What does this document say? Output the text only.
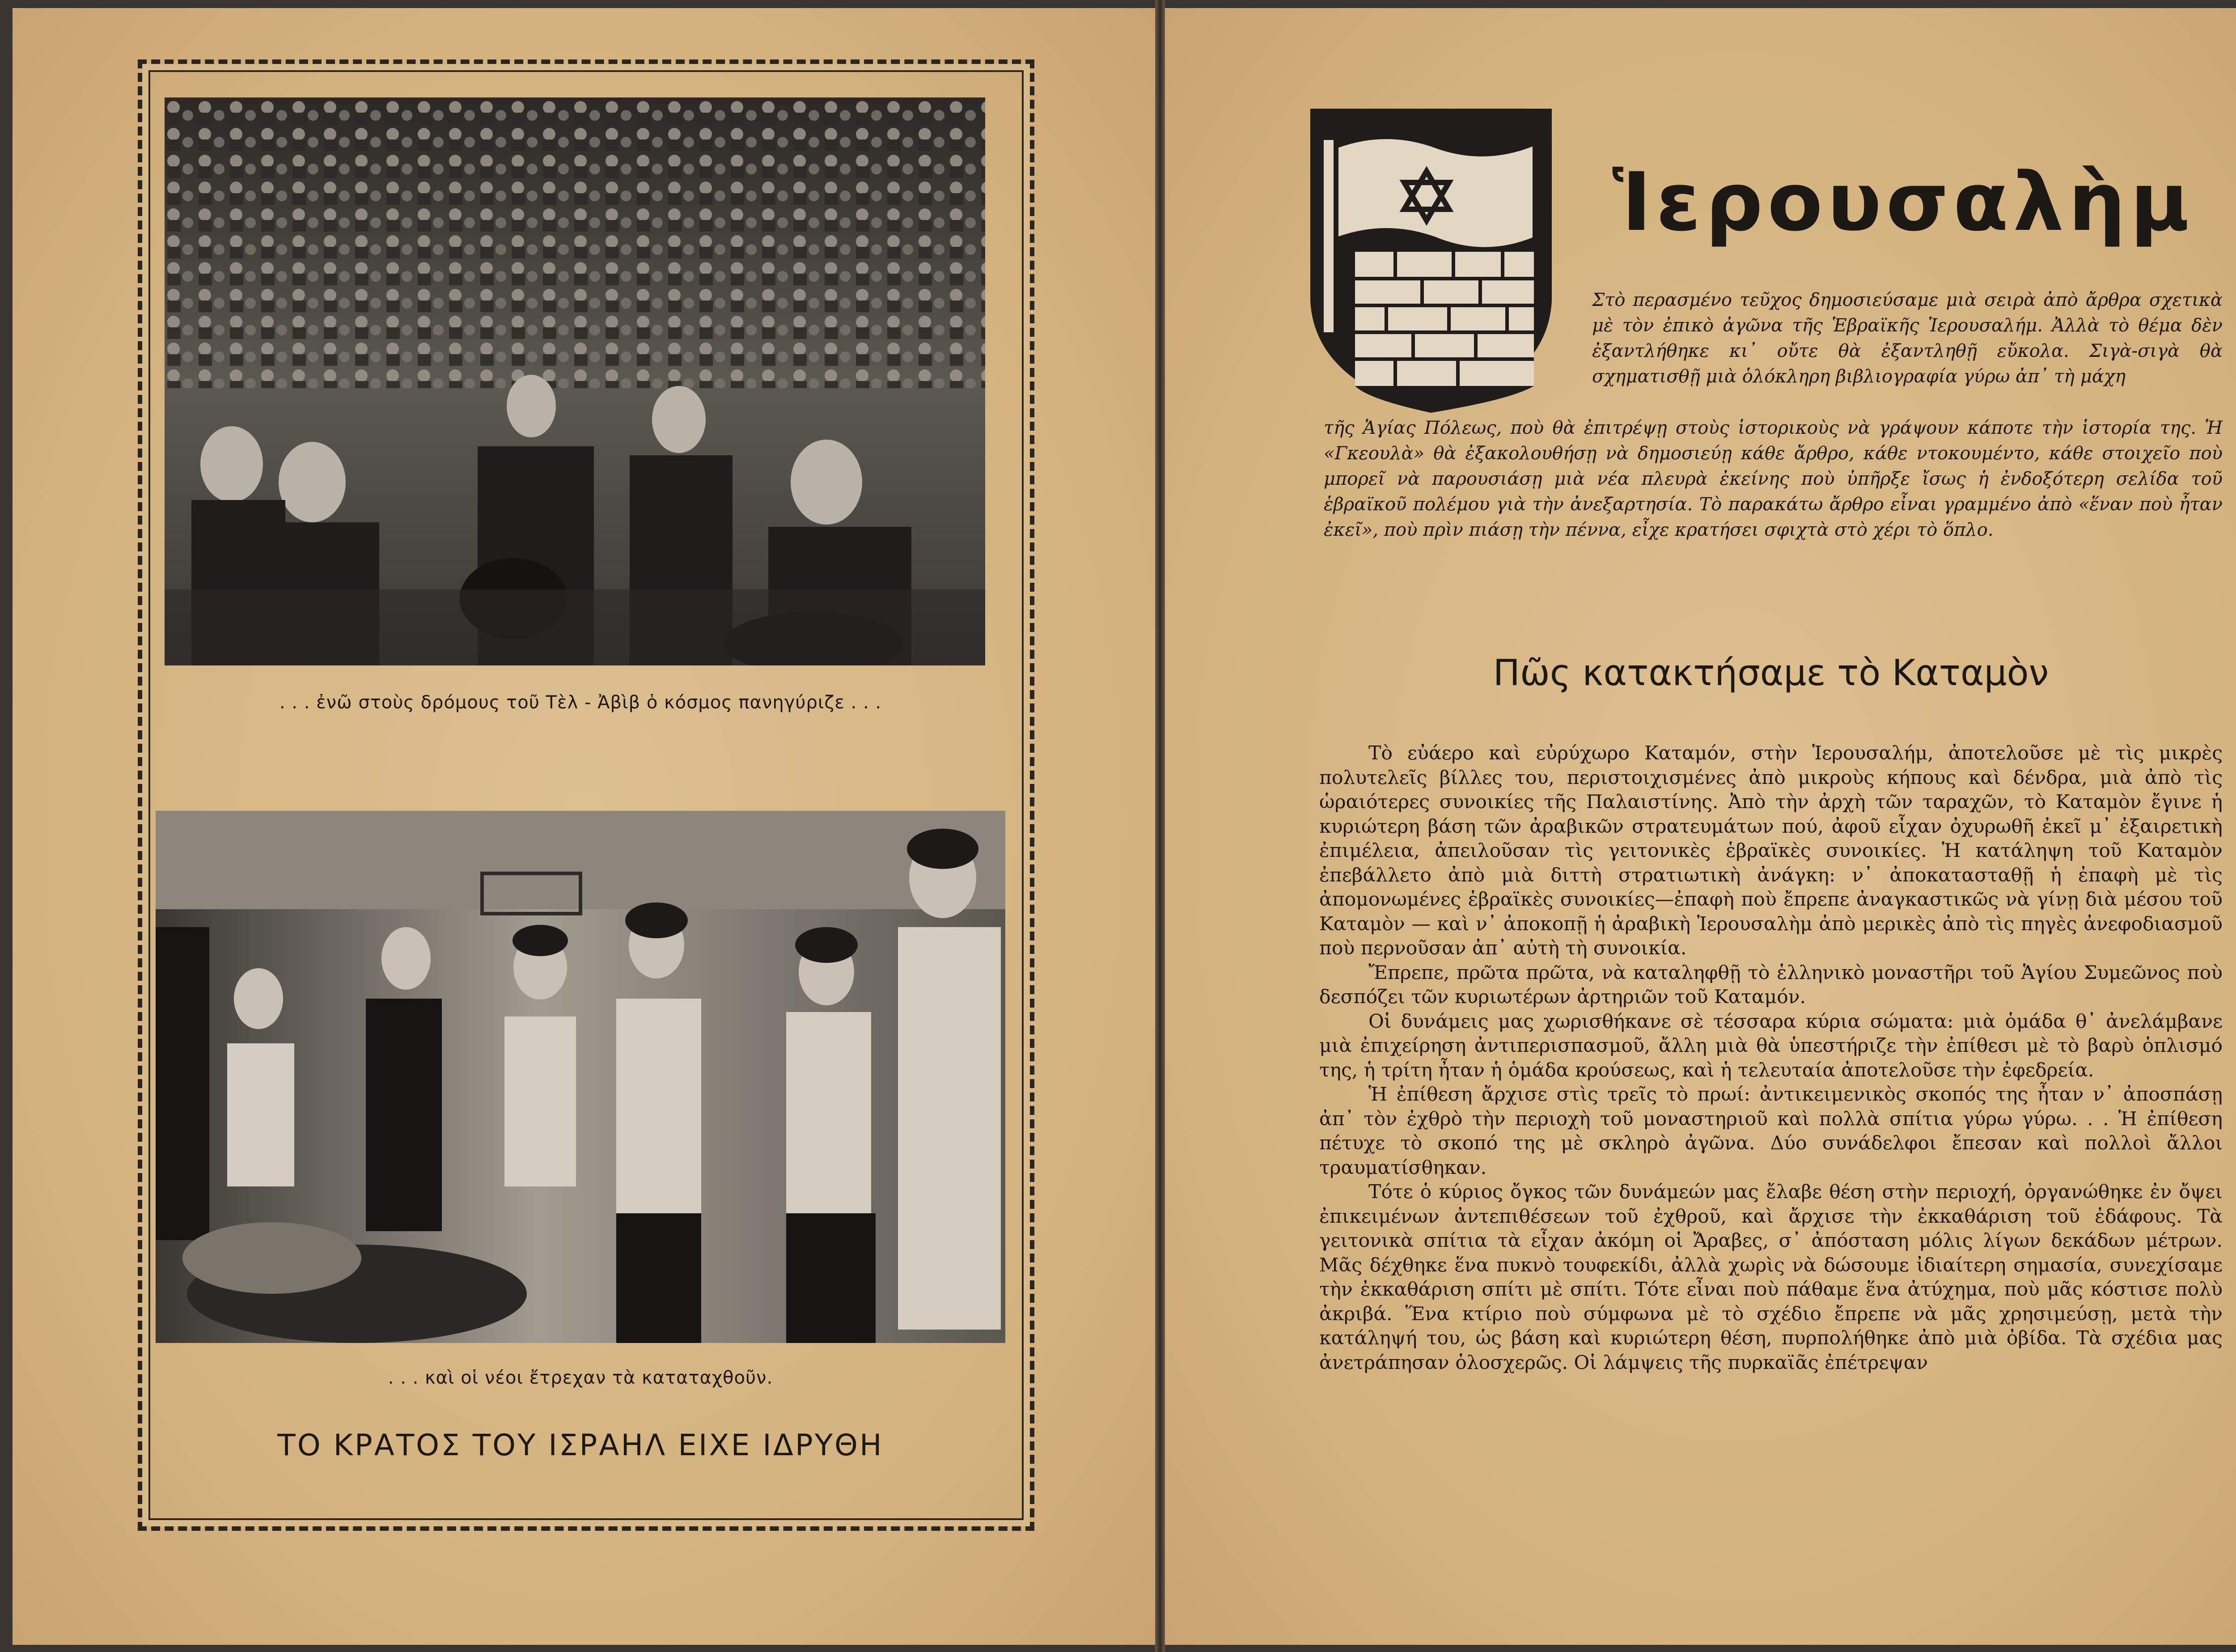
. . . ἐνῶ στοὺς δρόμους τοῦ Τὲλ - Ἀβὶβ ὁ κόσμος πανηγύριζε . . .
. . . καὶ οἱ νέοι ἔτρεχαν τὰ καταταχθοῦν.
ΤΟ ΚΡΑΤΟΣ ΤΟΥ ΙΣΡΑΗΛ ΕΙΧΕ ΙΔΡΥΘΗ
Ἱερουσαλὴμ
Στὸ περασμένο τεῦχος δημοσιεύσαμε μιὰ σειρὰ ἀπὸ ἄρθρα σχετικὰ μὲ τὸν ἐπικὸ ἀγῶνα τῆς Ἑβραϊκῆς Ἱερουσαλήμ. Ἀλλὰ τὸ θέμα δὲν ἐξαντλήθηκε κι᾽ οὔτε θὰ ἐξαντληθῇ εὔκολα. Σιγὰ-σιγὰ θὰ σχηματισθῇ μιὰ ὁλόκληρη βιβλιογραφία γύρω ἀπ᾽ τὴ μάχη
τῆς Ἁγίας Πόλεως, ποὺ θὰ ἐπιτρέψῃ στοὺς ἱστορικοὺς νὰ γράψουν κάποτε τὴν ἱστορία της. Ἡ «Γκεουλὰ» θὰ ἐξακολουθήσῃ νὰ δημοσιεύῃ κάθε ἄρθρο, κάθε ντοκουμέντο, κάθε στοιχεῖο ποὺ μπορεῖ νὰ παρουσιάσῃ μιὰ νέα πλευρὰ ἐκείνης ποὺ ὑπῆρξε ἴσως ἡ ἐνδοξότερη σελίδα τοῦ ἑβραϊκοῦ πολέμου γιὰ τὴν ἀνεξαρτησία. Τὸ παρακάτω ἄρθρο εἶναι γραμμένο ἀπὸ «ἕναν ποὺ ἦταν ἐκεῖ», ποὺ πρὶν πιάσῃ τὴν πέννα, εἶχε κρατήσει σφιχτὰ στὸ χέρι τὸ ὅπλο.
Πῶς κατακτήσαμε τὸ Καταμὸν

Τὸ εὐάερο καὶ εὐρύχωρο Καταμόν, στὴν Ἱερουσαλήμ, ἀποτελοῦσε μὲ τὶς μικρὲς πολυτελεῖς βίλλες του, περιστοιχισμένες ἀπὸ μικροὺς κήπους καὶ δένδρα, μιὰ ἀπὸ τὶς ὡραιότερες συνοικίες τῆς Παλαιστίνης. Ἀπὸ τὴν ἀρχὴ τῶν ταραχῶν, τὸ Καταμὸν ἔγινε ἡ κυριώτερη βάση τῶν ἀραβικῶν στρατευμάτων πού, ἀφοῦ εἶχαν ὀχυρωθῆ ἐκεῖ μ᾽ ἐξαιρετικὴ ἐπιμέλεια, ἀπειλοῦσαν τὶς γειτονικὲς ἑβραϊκὲς συνοικίες. Ἡ κατάληψη τοῦ Καταμὸν ἐπεβάλλετο ἀπὸ μιὰ διττὴ στρατιωτικὴ ἀνάγκη: ν᾽ ἀποκατασταθῇ ἡ ἐπαφὴ μὲ τὶς ἀπομονωμένες ἑβραϊκὲς συνοικίες—ἐπαφὴ ποὺ ἔπρεπε ἀναγκαστικῶς νὰ γίνῃ διὰ μέσου τοῦ Καταμὸν — καὶ ν᾽ ἀποκοπῇ ἡ ἀραβικὴ Ἱερουσαλὴμ ἀπὸ μερικὲς ἀπὸ τὶς πηγὲς ἀνεφοδιασμοῦ ποὺ περνοῦσαν ἀπ᾽ αὐτὴ τὴ συνοικία.

Ἔπρεπε, πρῶτα πρῶτα, νὰ καταληφθῇ τὸ ἑλληνικὸ μοναστῆρι τοῦ Ἁγίου Συμεῶνος ποὺ δεσπόζει τῶν κυριωτέρων ἀρτηριῶν τοῦ Καταμόν.

Οἱ δυνάμεις μας χωρισθήκανε σὲ τέσσαρα κύρια σώματα: μιὰ ὁμάδα θ᾽ ἀνελάμβανε μιὰ ἐπιχείρηση ἀντιπερισπασμοῦ, ἄλλη μιὰ θὰ ὑπεστήριζε τὴν ἐπίθεσι μὲ τὸ βαρὺ ὁπλισμό της, ἡ τρίτη ἦταν ἡ ὁμάδα κρούσεως, καὶ ἡ τελευταία ἀποτελοῦσε τὴν ἐφεδρεία.

Ἡ ἐπίθεση ἄρχισε στὶς τρεῖς τὸ πρωί: ἀντικειμενικὸς σκοπός της ἦταν ν᾽ ἀποσπάσῃ ἀπ᾽ τὸν ἐχθρὸ τὴν περιοχὴ τοῦ μοναστηριοῦ καὶ πολλὰ σπίτια γύρω γύρω. . . Ἡ ἐπίθεση πέτυχε τὸ σκοπό της μὲ σκληρὸ ἀγῶνα. Δύο συνάδελφοι ἔπεσαν καὶ πολλοὶ ἄλλοι τραυματίσθηκαν.

Τότε ὁ κύριος ὄγκος τῶν δυνάμεών μας ἔλαβε θέση στὴν περιοχή, ὀργανώθηκε ἐν ὄψει ἐπικειμένων ἀντεπιθέσεων τοῦ ἐχθροῦ, καὶ ἄρχισε τὴν ἐκκαθάριση τοῦ ἐδάφους. Τὰ γειτονικὰ σπίτια τὰ εἶχαν ἀκόμη οἱ Ἄραβες, σ᾽ ἀπόσταση μόλις λίγων δεκάδων μέτρων. Μᾶς δέχθηκε ἕνα πυκνὸ τουφεκίδι, ἀλλὰ χωρὶς νὰ δώσουμε ἰδιαίτερη σημασία, συνεχίσαμε τὴν ἐκκαθάριση σπίτι μὲ σπίτι. Τότε εἶναι ποὺ πάθαμε ἕνα ἀτύχημα, ποὺ μᾶς κόστισε πολὺ ἀκριβά. Ἕνα κτίριο ποὺ σύμφωνα μὲ τὸ σχέδιο ἔπρεπε νὰ μᾶς χρησιμεύσῃ, μετὰ τὴν κατάληψή του, ὡς βάση καὶ κυριώτερη θέση, πυρπολήθηκε ἀπὸ μιὰ ὀβίδα. Τὰ σχέδια μας ἀνετράπησαν ὁλοσχερῶς. Οἱ λάμψεις τῆς πυρκαϊᾶς ἐπέτρεψαν
